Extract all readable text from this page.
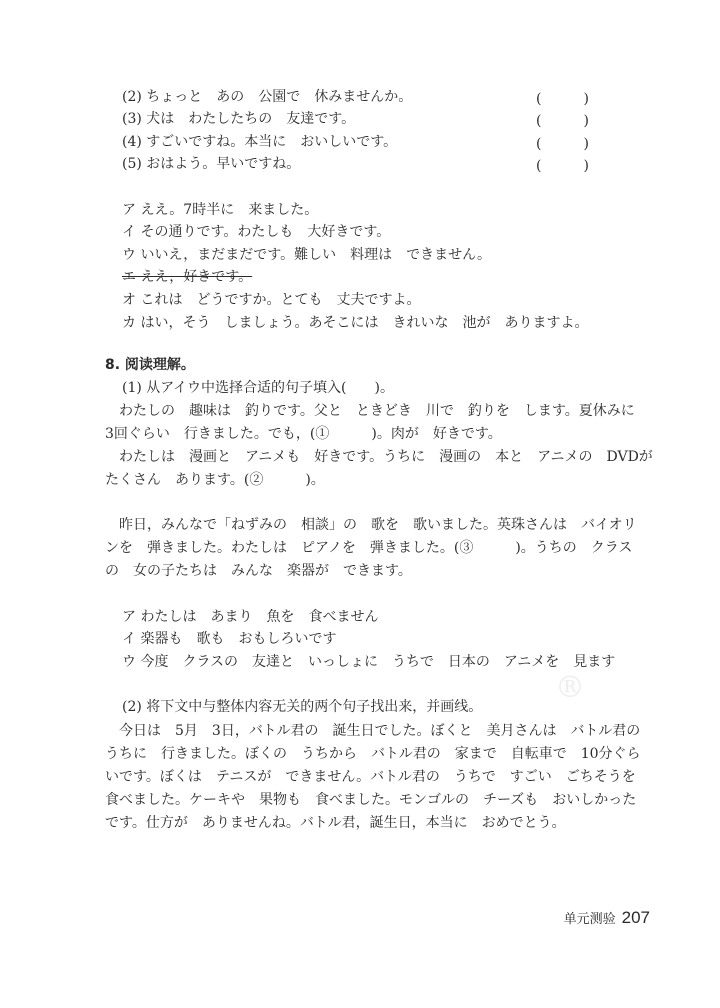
(2) ちょっと　あの　公園で　休みませんか。	(　　　)
(3) 犬は　わたしたちの　友達です。	(　　　)
(4) すごいですね。本当に　おいしいです。	(　　　)
(5) おはよう。早いですね。	(　　　)
ア ええ。7時半に　来ました。
イ その通りです。わたしも　大好きです。
ウ いいえ，まだまだです。難しい　料理は　できません。
エ ええ，好きです。
オ これは　どうですか。とても　丈夫ですよ。
カ はい，そう　しましょう。あそこには　きれいな　池が　ありますよ。
8. 阅读理解。
(1) 从アイウ中选择合适的句子填入(　　)。
　わたしの　趣味は　釣りです。父と　ときどき　川で　釣りを　します。夏休みに
3回ぐらい　行きました。でも，(①　　　)。肉が　好きです。
　わたしは　漫画と　アニメも　好きです。うちに　漫画の　本と　アニメの　DVDが
たくさん　あります。(②　　　)。
　昨日，みんなで「ねずみの　相談」の　歌を　歌いました。英珠さんは　バイオリ
ンを　弾きました。わたしは　ピアノを　弾きました。(③　　　)。うちの　クラス
の　女の子たちは　みんな　楽器が　できます。
ア わたしは　あまり　魚を　食べません
イ 楽器も　歌も　おもしろいです
ウ 今度　クラスの　友達と　いっしょに　うちで　日本の　アニメを　見ます
®
(2) 将下文中与整体内容无关的两个句子找出来，并画线。
　今日は　5月　3日，バトル君の　誕生日でした。ぼくと　美月さんは　バトル君の
うちに　行きました。ぼくの　うちから　バトル君の　家まで　自転車で　10分ぐら
いです。ぼくは　テニスが　できません。バトル君の　うちで　すごい　ごちそうを
食べました。ケーキや　果物も　食べました。モンゴルの　チーズも　おいしかった
です。仕方が　ありませんね。バトル君，誕生日，本当に　おめでとう。
单元测验 207
